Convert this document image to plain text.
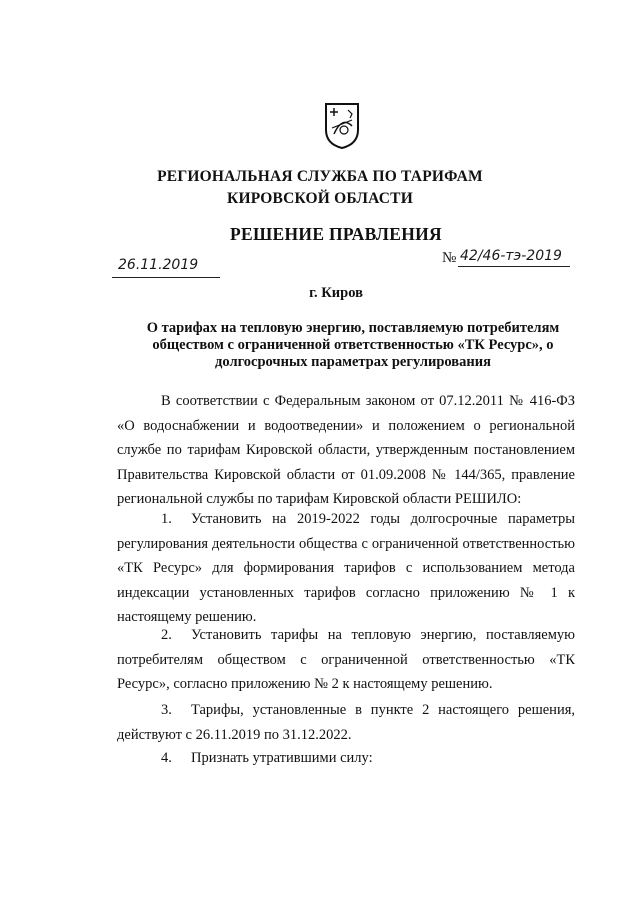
РЕГИОНАЛЬНАЯ СЛУЖБА ПО ТАРИФАМ
КИРОВСКОЙ ОБЛАСТИ
РЕШЕНИЕ ПРАВЛЕНИЯ
26.11.2019	№ 42/46-тэ-2019
г. Киров
О тарифах на тепловую энергию, поставляемую потребителям
обществом с ограниченной ответственностью «ТК Ресурс», о
долгосрочных параметрах регулирования

В соответствии с Федеральным законом от 07.12.2011 № 416-ФЗ «О водоснабжении и водоотведении» и положением о региональной службе по тарифам Кировской области, утвержденным постановлением Правительства Кировской области от 01.09.2008 № 144/365, правление региональной службы по тарифам Кировской области РЕШИЛО:

1. Установить на 2019-2022 годы долгосрочные параметры регулирования деятельности общества с ограниченной ответственностью «ТК Ресурс» для формирования тарифов с использованием метода индексации установленных тарифов согласно приложению № 1 к настоящему решению.

2. Установить тарифы на тепловую энергию, поставляемую потребителям обществом с ограниченной ответственностью «ТК Ресурс», согласно приложению № 2 к настоящему решению.

3. Тарифы, установленные в пункте 2 настоящего решения, действуют с 26.11.2019 по 31.12.2022.

4. Признать утратившими силу:
